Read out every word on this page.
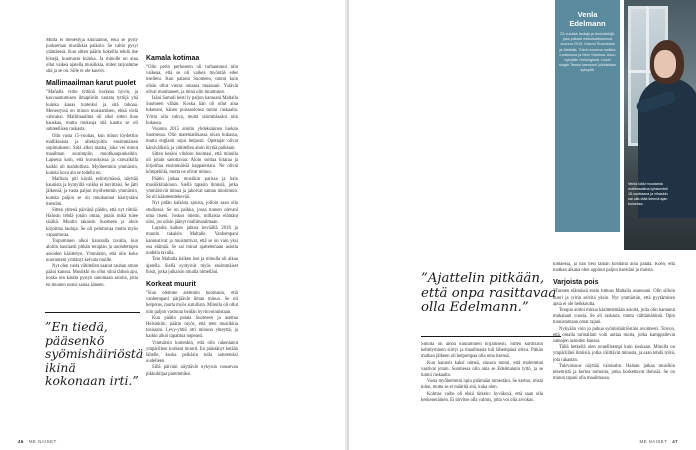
Mutta ei menestyjä kuuraanno, eikä se pysty juokseman musiikkia paikoin. Se valtio pysyi ylämäessä. Kun sitten päätin kokeilla tehdä itse biisejä, huomasin kuinka. Ja minulle on aina ollut vaikea ajatella musiikkia, miten tarjoamme sitä ja se on. Sille ei ole kasvot.

Mallimaailman karut puolet

”Mahalla virhe tyttönä korkeaa hyvin, ja kasvaantumisen ilmapiiriin vastata tyttöjä yhä kuinka kauas tunteiksi ja sitä tuhoaa. Menestyssä on minun muistamisen, ehkä vielä vahvaksi. Mallimaailma oli siksi sitten ihan hauskaa, mutta tuoksuja sitä kautta se oli suhteellisen raskasta.

Olin vasta 15-vuotias, kun minut löydettiin mallikisasta ja allekirjoitin ensimmäisen sopimukseni. Siitä alkoi matka, joka vei minut maailman suurimpiin muotikaupunkeihin. Lapsena koin, että kuvauksissa ja catwalkilla kaikki oli mahdollista. Myöhemmin ymmärsin, kuinka kova ala se todella on.

Malliura piti käydä esiintymässä, näyttää kaunista ja hymyillä vaikka ei huvittaisi. Se jätti jälkensä, ja vasta paljon myöhemmin ymmärsin, kuinka paljon se oli muokannut käsitystäni itsestäni.

Sitten yhtenä päivänä päätin, että nyt riittää. Halusin tehdä jotain omaa, jotain mikä tulee sisältä. Muutin takaisin Suomeen ja aloin kirjoittaa lauluja. Se oli pelottavaa mutta myös vapauttavaa.

Toipuminen alkoi hauraalla tavalla, kun aloitin hauraasti pitkän terapian ja unohdettujen asioiden käsittelyn. Ymmärsin, että olin koko nuoruuteni yrittänyt kelvata muille.

Nyt olen vasta vähitellen saanut rauhan oman pääni kanssa. Musiikki on ollut siinä tärkeä apu, koska sen kautta pystyn sanomaan asioita, joita en muuten osaisi sanoa ääneen.

”En tiedä, pääsenkö syömishäiriöstä ikinä kokonaan irti.”
Kamala kotimaa

”Olin perin perhoseen oli turhautunut niin vaikeaa, että se oli vaikea myöntää edes itselleni. Kun palasin Suomeen, tuntui kuin olisin ollut vieras omassa maassani. Ystävät olivat muuttaneet, ja minä olin muuttunut.

Isäni Samuli kesti ly paljon kanssani Maltalla Suomeen vähän. Koska hän oli ollut aina tukenani, hänen poissaolonsa tuntui raskaalta. Yritin olla vahva, mutta sisimmässäni olin hukassa.

Vuonna 2015 aloitin yhdeksännen luokan Suomessa. Olin matematiikassa aivan hukassa, mutta englanti sujui helposti. Opettajat olivat kärsivällisiä, ja vähitellen aloin löytää paikkani.

Sitten kesäni vihdoin huomasi, että minulla oli jotain sanottavaa. Aloin soittaa kitaraa ja kirjoittaa ensimmäisiä kappaleitani. Ne olivat kömpelöitä, mutta ne olivat minun.

Päätin jatkaa musiikin parissa ja hain musiikkilukioon. Siellä tapasin ihmisiä, jotka ymmärsivät minua ja jakoivat saman intohimon. Se oli käänteentekevää.

Nyt pidän kaikista ajoista, jolloin saan olla studiossa. Se on paikka, jossa tunnen olevani oma itseni. Joskus mietin, millaista elämäni olisi, jos olisin jäänyt mallimaailmaan.

Lopulta kaiken jatkoa keväällä 2018 ja muutin takaisin Maltalle. Vanhempani kannustivat ja muistuttivat, että se on vain yksi osa elämää. Se sai minut ajattelemaan asioita uudella tavalla.

Tein Maltalla kaiken itse ja minulla oli aikaa ajatella. Siellä syntyivät myös ensimmäiset biisit, jotka julkaisin omalla nimelläni.

Korkeat muurit

”Kun olemme aiemmin huomasin, että vanhempani pärjäävät ilman minua. Se oli helpotus, mutta myös surullista. Minulla oli ollut niin paljon vastuuta heidän hyvinvoinnistaan.

Kun päätin palata Suomeen ja asettua Helsinkiin, päätin myös, että teen musiikkia tosissani. Levy-yhtiö otti minuun yhteyttä, ja kaikki alkoi tapahtua nopeasti.

Ymmärsin kuitenkin, että olin rakentanut ympärilleni korkeat muurit. En päästänyt ketään lähelle, koska pelkäsin tulla satutetuksi uudelleen.

Sillä päiväni näyttävät nykyisin nousevan pikkuhiljaa paremmiksi.

46 ME NAISET
Venla Edelmann
23-vuotias laulaja ja lauluntekijä, joka julkaisi esikoisalbuminsa vuonna 2019. Kasvoi Suomessa ja Maltalla. Toimi nuorena mallina Lontoossa ja New Yorkissa. Asuu nykyään Helsingissä. Uusin single Tanssi kanssani julkaistaan syksyllä.
Venla lokki muutamia mallimaailma työskenteli 15-vuotiaana ja vihaskin sai olla elää ikeenä ajan kuluessa
”Ajattelin pitkään, että onpa rasittavaa olla Edelmann.”

Sinulla oli ainoa kuuluminen kirjallisesti. Sitten kulttuurin kehittyminen siirtyi ja maailmasta tuli lähempänä oleva. Pitkän matkan jälkeen oli helpompaa olla oma itsensä.

Kun kannoit kaksi nimeä, sinusta tuntui, että molemmat vaativat jotain. Suomessa olin aina se Edelmannin tyttö, ja se tuntui raskaalta.

Vasta myöhemmin opin pitämään nimestäni. Se kertoo, mistä tulen, mutta se ei määritä sitä, kuka olen.

Kolmas vaihe oli ehkä tärkein: hyväksyä, että saan olla keskeneräinen. Ei tarvitse olla valmis, jotta voi olla arvokas.

kihtäessä, ja hän tiesi tämän kohdalla aina palata. Koen, että matkan aikana olen oppinut paljon itsestäni ja muista.

Varjoista pois

”Tunnen elämässä ensin tuttuus Maltalla asuessani. Olin silloin nuori ja yritin selvitä yksin. Nyt ymmärrän, että pyytäminen apua ei ole heikkoutta.

Terapia auttoi minua käsittelemään asioita, joita olin kantanut mukanani vuosia. Se oli raskasta, mutta välttämätöntä. Opin tunnistamaan omat rajani.

Nykyään voin jo puhua syömishäiriöstäni avoimesti. Toivon, että omalla tarinallani voin auttaa muita, jotka kamppailevat samojen asioiden kanssa.

Tällä hetkellä olen onnellisempi kuin koskaan. Minulla on ympärilläni ihmisiä, jotka välittävät minusta, ja saan tehdä työtä, jota rakastan.

Tulevaisuus näyttää valoisalta. Haluan jatkaa musiikin tekemistä ja kertoa tarinoita, jotka koskettavat ihmisiä. Se on minun tapani olla maailmassa.

ME NAISET 47
